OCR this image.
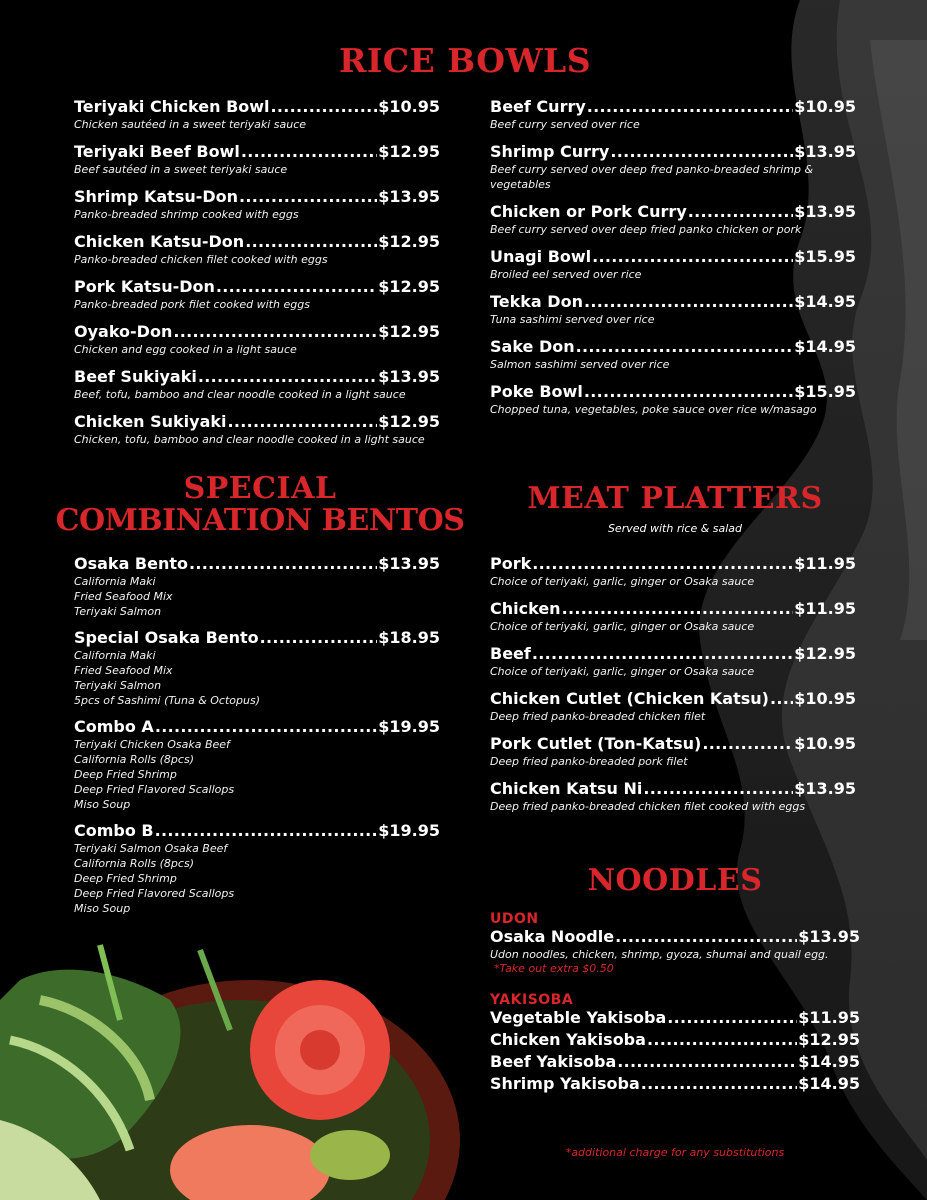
RICE BOWLS
Teriyaki Chicken Bowl .....	$10.95
Chicken sautéed in a sweet teriyaki sauce
Teriyaki Beef Bowl .....	$12.95
Beef sautéed in a sweet teriyaki sauce
Shrimp Katsu-Don .....	$13.95
Panko-breaded shrimp cooked with eggs
Chicken Katsu-Don .....	$12.95
Panko-breaded chicken filet cooked with eggs
Pork Katsu-Don .....	$12.95
Panko-breaded pork filet cooked with eggs
Oyako-Don .....	$12.95
Chicken and egg cooked in a light sauce
Beef Sukiyaki .....	$13.95
Beef, tofu, bamboo and clear noodle cooked in a light sauce
Chicken Sukiyaki .....	$12.95
Chicken, tofu, bamboo and clear noodle cooked in a light sauce
Beef Curry .....	$10.95
Beef curry served over rice
Shrimp Curry .....	$13.95
Beef curry served over deep fred panko-breaded shrimp &
vegetables
Chicken or Pork Curry .....	$13.95
Beef curry served over deep fried panko chicken or pork
Unagi Bowl .....	$15.95
Broiled eel served over rice
Tekka Don .....	$14.95
Tuna sashimi served over rice
Sake Don .....	$14.95
Salmon sashimi served over rice
Poke Bowl .....	$15.95
Chopped tuna, vegetables, poke sauce over rice w/masago
SPECIAL
COMBINATION BENTOS
Osaka Bento .....	$13.95
California Maki
Fried Seafood Mix
Teriyaki Salmon
Special Osaka Bento .....	$18.95
California Maki
Fried Seafood Mix
Teriyaki Salmon
5pcs of Sashimi (Tuna & Octopus)
Combo A .....	$19.95
Teriyaki Chicken Osaka Beef
California Rolls (8pcs)
Deep Fried Shrimp
Deep Fried Flavored Scallops
Miso Soup
Combo B .....	$19.95
Teriyaki Salmon Osaka Beef
California Rolls (8pcs)
Deep Fried Shrimp
Deep Fried Flavored Scallops
Miso Soup
MEAT PLATTERS
Served with rice & salad
Pork .....	$11.95
Choice of teriyaki, garlic, ginger or Osaka sauce
Chicken .....	$11.95
Choice of teriyaki, garlic, ginger or Osaka sauce
Beef .....	$12.95
Choice of teriyaki, garlic, ginger or Osaka sauce
Chicken Cutlet (Chicken Katsu) ..... $10.95
Deep fried panko-breaded chicken filet
Pork Cutlet (Ton-Katsu) .....	$10.95
Deep fried panko-breaded pork filet
Chicken Katsu Ni .....	$13.95
Deep fried panko-breaded chicken filet cooked with eggs
NOODLES
UDON
Osaka Noodle .....	$13.95
Udon noodles, chicken, shrimp, gyoza, shumai and quail egg.
*Take out extra $0.50
YAKISOBA
Vegetable Yakisoba .....	$11.95
Chicken Yakisoba .....	$12.95
Beef Yakisoba .....	$14.95
Shrimp Yakisoba .....	$14.95
*additional charge for any substitutions
